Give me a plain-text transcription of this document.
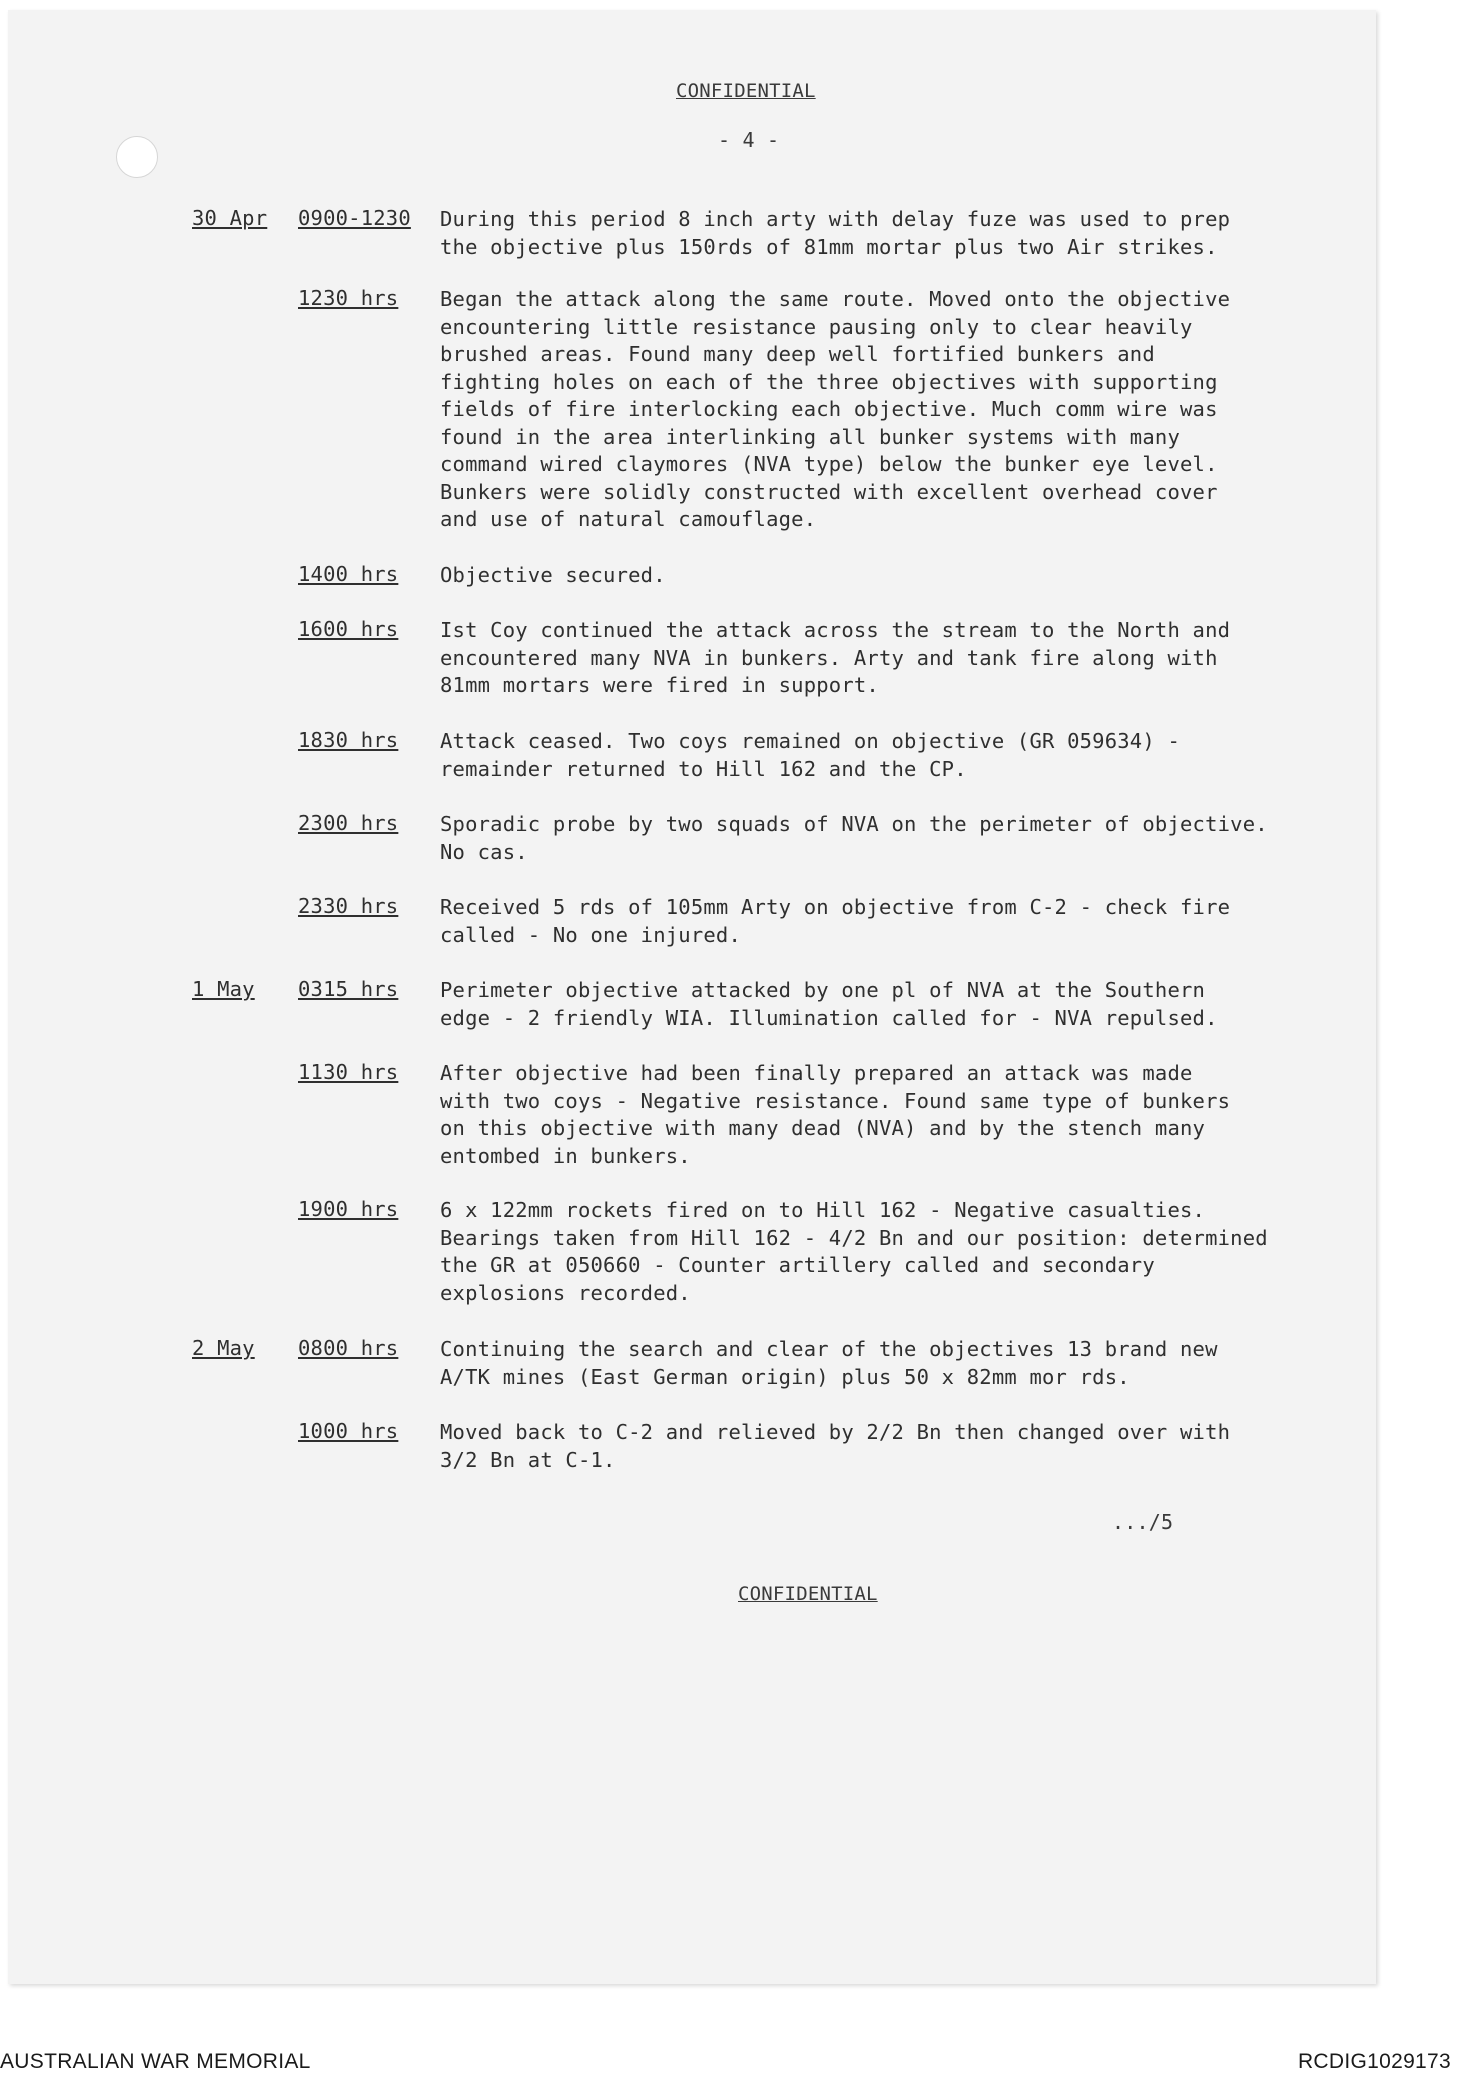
CONFIDENTIAL
- 4 -
30 Apr 0900-1230	During this period 8 inch arty with delay fuze was used to prep
the objective plus 150rds of 81mm mortar plus two Air strikes.
1230 hrs	Began the attack along the same route. Moved onto the objective
encountering little resistance pausing only to clear heavily
brushed areas. Found many deep well fortified bunkers and
fighting holes on each of the three objectives with supporting
fields of fire interlocking each objective. Much comm wire was
found in the area interlinking all bunker systems with many
command wired claymores (NVA type) below the bunker eye level.
Bunkers were solidly constructed with excellent overhead cover
and use of natural camouflage.
1400 hrs	Objective secured.
1600 hrs	Ist Coy continued the attack across the stream to the North and
encountered many NVA in bunkers. Arty and tank fire along with
81mm mortars were fired in support.
1830 hrs	Attack ceased. Two coys remained on objective (GR 059634) -
remainder returned to Hill 162 and the CP.
2300 hrs	Sporadic probe by two squads of NVA on the perimeter of objective.
No cas.
2330 hrs	Received 5 rds of 105mm Arty on objective from C-2 - check fire
called - No one injured.
1 May 0315 hrs	Perimeter objective attacked by one pl of NVA at the Southern
edge - 2 friendly WIA. Illumination called for - NVA repulsed.
1130 hrs	After objective had been finally prepared an attack was made
with two coys - Negative resistance. Found same type of bunkers
on this objective with many dead (NVA) and by the stench many
entombed in bunkers.
1900 hrs	6 x 122mm rockets fired on to Hill 162 - Negative casualties.
Bearings taken from Hill 162 - 4/2 Bn and our position: determined
the GR at 050660 - Counter artillery called and secondary
explosions recorded.
2 May 0800 hrs	Continuing the search and clear of the objectives 13 brand new
A/TK mines (East German origin) plus 50 x 82mm mor rds.
1000 hrs	Moved back to C-2 and relieved by 2/2 Bn then changed over with
3/2 Bn at C-1.
.../5
CONFIDENTIAL
AUSTRALIAN WAR MEMORIAL	RCDIG1029173
